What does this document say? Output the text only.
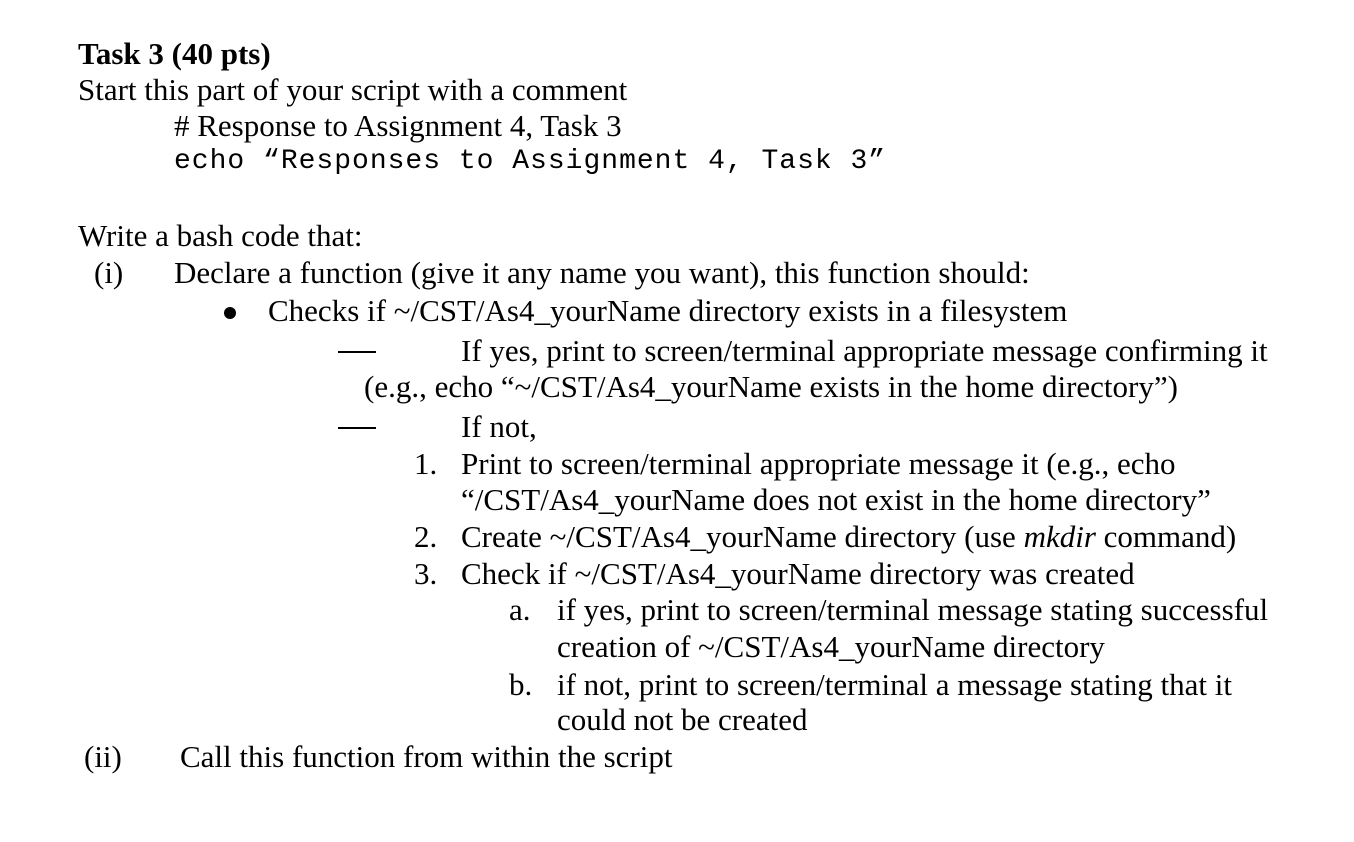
Task 3 (40 pts)
Start this part of your script with a comment
# Response to Assignment 4, Task 3
echo “Responses to Assignment 4, Task 3”
Write a bash code that:
(i) Declare a function (give it any name you want), this function should:
Checks if ~/CST/As4_yourName directory exists in a filesystem
If yes, print to screen/terminal appropriate message confirming it
(e.g., echo “~/CST/As4_yourName exists in the home directory”)
If not,
1. Print to screen/terminal appropriate message it (e.g., echo
“/CST/As4_yourName does not exist in the home directory”
2. Create ~/CST/As4_yourName directory (use mkdir command)
3. Check if ~/CST/As4_yourName directory was created
a. if yes, print to screen/terminal message stating successful
creation of ~/CST/As4_yourName directory
b. if not, print to screen/terminal a message stating that it
could not be created
(ii) Call this function from within the script
